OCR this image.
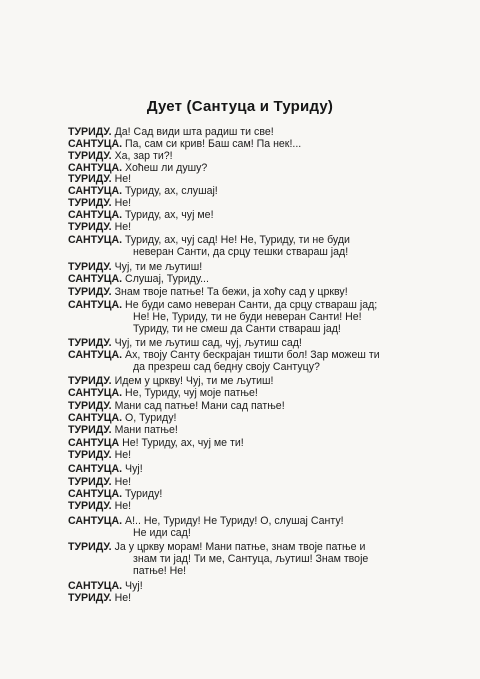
Дует (Сантуца и Туриду)
ТУРИДУ. Да! Сад види шта радиш ти све!
САНТУЦА. Па, сам си крив! Баш сам! Па нек!...
ТУРИДУ. Ха, зар ти?!
САНТУЦА. Хоћеш ли душу?
ТУРИДУ. Не!
САНТУЦА. Туриду, ах, слушај!
ТУРИДУ. Не!
САНТУЦА. Туриду, ах, чуј ме!
ТУРИДУ. Не!
САНТУЦА. Туриду, ах, чуј сад! Не! Не, Туриду, ти не буди
неверан Санти, да срцу тешки ствараш јад!
ТУРИДУ. Чуј, ти ме љутиш!
САНТУЦА. Слушај, Туриду...
ТУРИДУ. Знам твоје патње! Та бежи, ја хоћу сад у цркву!
САНТУЦА. Не буди само неверан Санти, да срцу ствараш јад;
Не! Не, Туриду, ти не буди неверан Санти! Не!
Туриду, ти не смеш да Санти ствараш јад!
ТУРИДУ. Чуј, ти ме љутиш сад, чуј, љутиш сад!
САНТУЦА. Ах, твоју Санту бескрајан тишти бол! Зар можеш ти
да презреш сад бедну своју Сантуцу?
ТУРИДУ. Идем у цркву! Чуј, ти ме љутиш!
САНТУЦА. Не, Туриду, чуј моје патње!
ТУРИДУ. Мани сад патње! Мани сад патње!
САНТУЦА. О, Туриду!
ТУРИДУ. Мани патње!
САНТУЦА Не! Туриду, ах, чуј ме ти!
ТУРИДУ. Не!
САНТУЦА. Чуј!
ТУРИДУ. Не!
САНТУЦА. Туриду!
ТУРИДУ. Не!
САНТУЦА. А!.. Не, Туриду! Не Туриду! О, слушај Санту!
Не иди сад!
ТУРИДУ. Ја у цркву морам! Мани патње, знам твоје патње и
знам ти јад! Ти ме, Сантуца, љутиш! Знам твоје
патње! Не!
САНТУЦА. Чуј!
ТУРИДУ. Не!
